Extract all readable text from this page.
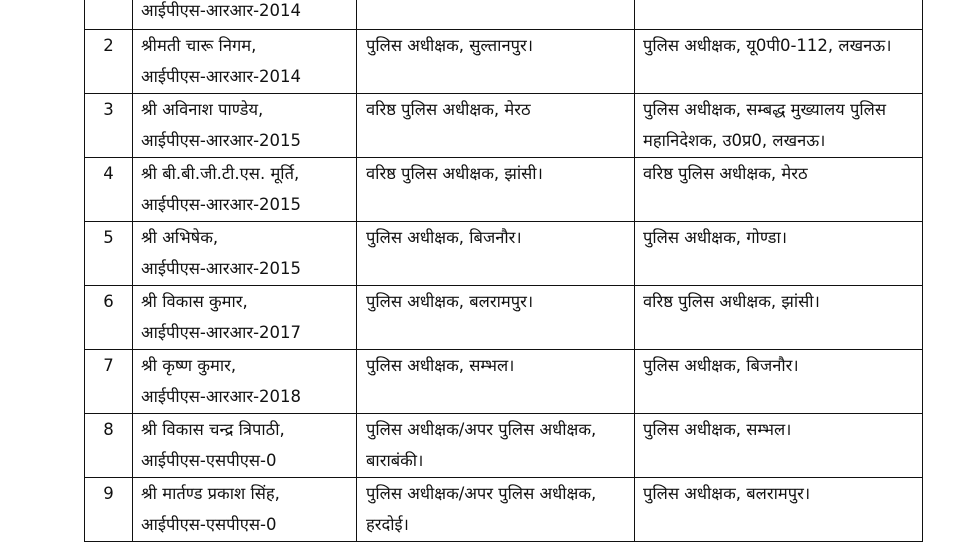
	आईपीएस-आरआर-2014		

2	श्रीमती चारू निगम,
आईपीएस-आरआर-2014	पुलिस अधीक्षक, सुल्तानपुर।	पुलिस अधीक्षक, यू0पी0-112, लखनऊ।

3	श्री अविनाश पाण्डेय,
आईपीएस-आरआर-2015	वरिष्ठ पुलिस अधीक्षक, मेरठ	पुलिस अधीक्षक, सम्बद्ध मुख्यालय पुलिस
महानिदेशक, उ0प्र0, लखनऊ।

4	श्री बी.बी.जी.टी.एस. मूर्ति,
आईपीएस-आरआर-2015	वरिष्ठ पुलिस अधीक्षक, झांसी।	वरिष्ठ पुलिस अधीक्षक, मेरठ

5	श्री अभिषेक,
आईपीएस-आरआर-2015	पुलिस अधीक्षक, बिजनौर।	पुलिस अधीक्षक, गोण्डा।

6	श्री विकास कुमार,
आईपीएस-आरआर-2017	पुलिस अधीक्षक, बलरामपुर।	वरिष्ठ पुलिस अधीक्षक, झांसी।

7	श्री कृष्ण कुमार,
आईपीएस-आरआर-2018	पुलिस अधीक्षक, सम्भल।	पुलिस अधीक्षक, बिजनौर।

8	श्री विकास चन्द्र त्रिपाठी,
आईपीएस-एसपीएस-0	पुलिस अधीक्षक/अपर पुलिस अधीक्षक,
बाराबंकी।	पुलिस अधीक्षक, सम्भल।

9	श्री मार्तण्ड प्रकाश सिंह,
आईपीएस-एसपीएस-0	पुलिस अधीक्षक/अपर पुलिस अधीक्षक,
हरदोई।	पुलिस अधीक्षक, बलरामपुर।
